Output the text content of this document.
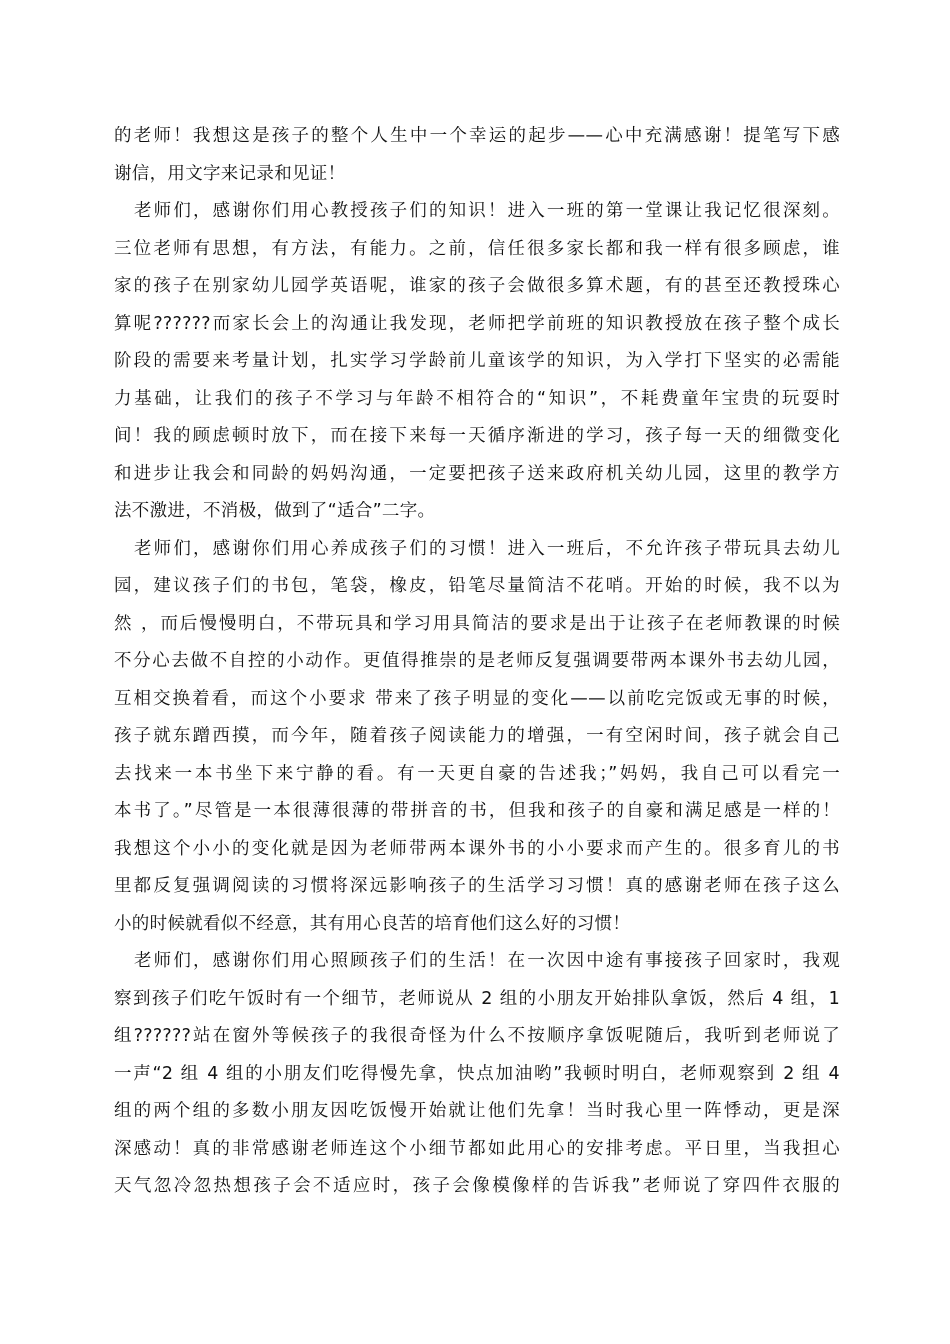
的老师！我想这是孩子的整个人生中一个幸运的起步——心中充满感谢！提笔写下感
谢信，用文字来记录和见证！
老师们，感谢你们用心教授孩子们的知识！进入一班的第一堂课让我记忆很深刻。
三位老师有思想，有方法，有能力。之前，信任很多家长都和我一样有很多顾虑，谁
家的孩子在别家幼儿园学英语呢，谁家的孩子会做很多算术题，有的甚至还教授珠心
算呢??????而家长会上的沟通让我发现，老师把学前班的知识教授放在孩子整个成长
阶段的需要来考量计划，扎实学习学龄前儿童该学的知识，为入学打下坚实的必需能
力基础，让我们的孩子不学习与年龄不相符合的“知识”，不耗费童年宝贵的玩耍时
间！我的顾虑顿时放下，而在接下来每一天循序渐进的学习，孩子每一天的细微变化
和进步让我会和同龄的妈妈沟通，一定要把孩子送来政府机关幼儿园，这里的教学方
法不激进，不消极，做到了“适合”二字。
老师们，感谢你们用心养成孩子们的习惯！进入一班后，不允许孩子带玩具去幼儿
园，建议孩子们的书包，笔袋，橡皮，铅笔尽量简洁不花哨。开始的时候，我不以为
然 ，而后慢慢明白，不带玩具和学习用具简洁的要求是出于让孩子在老师教课的时候
不分心去做不自控的小动作。更值得推崇的是老师反复强调要带两本课外书去幼儿园，
互相交换着看，而这个小要求 带来了孩子明显的变化——以前吃完饭或无事的时候，
孩子就东蹭西摸，而今年，随着孩子阅读能力的增强，一有空闲时间，孩子就会自己
去找来一本书坐下来宁静的看。有一天更自豪的告述我；”妈妈，我自己可以看完一
本书了。”尽管是一本很薄很薄的带拼音的书，但我和孩子的自豪和满足感是一样的！
我想这个小小的变化就是因为老师带两本课外书的小小要求而产生的。很多育儿的书
里都反复强调阅读的习惯将深远影响孩子的生活学习习惯！真的感谢老师在孩子这么
小的时候就看似不经意，其有用心良苦的培育他们这么好的习惯！
老师们，感谢你们用心照顾孩子们的生活！在一次因中途有事接孩子回家时，我观
察到孩子们吃午饭时有一个细节，老师说从 2 组的小朋友开始排队拿饭，然后 4 组，1
组??????站在窗外等候孩子的我很奇怪为什么不按顺序拿饭呢随后，我听到老师说了
一声“2 组 4 组的小朋友们吃得慢先拿，快点加油哟”我顿时明白，老师观察到 2 组 4
组的两个组的多数小朋友因吃饭慢开始就让他们先拿！当时我心里一阵悸动，更是深
深感动！真的非常感谢老师连这个小细节都如此用心的安排考虑。平日里，当我担心
天气忽冷忽热想孩子会不适应时，孩子会像模像样的告诉我”老师说了穿四件衣服的
